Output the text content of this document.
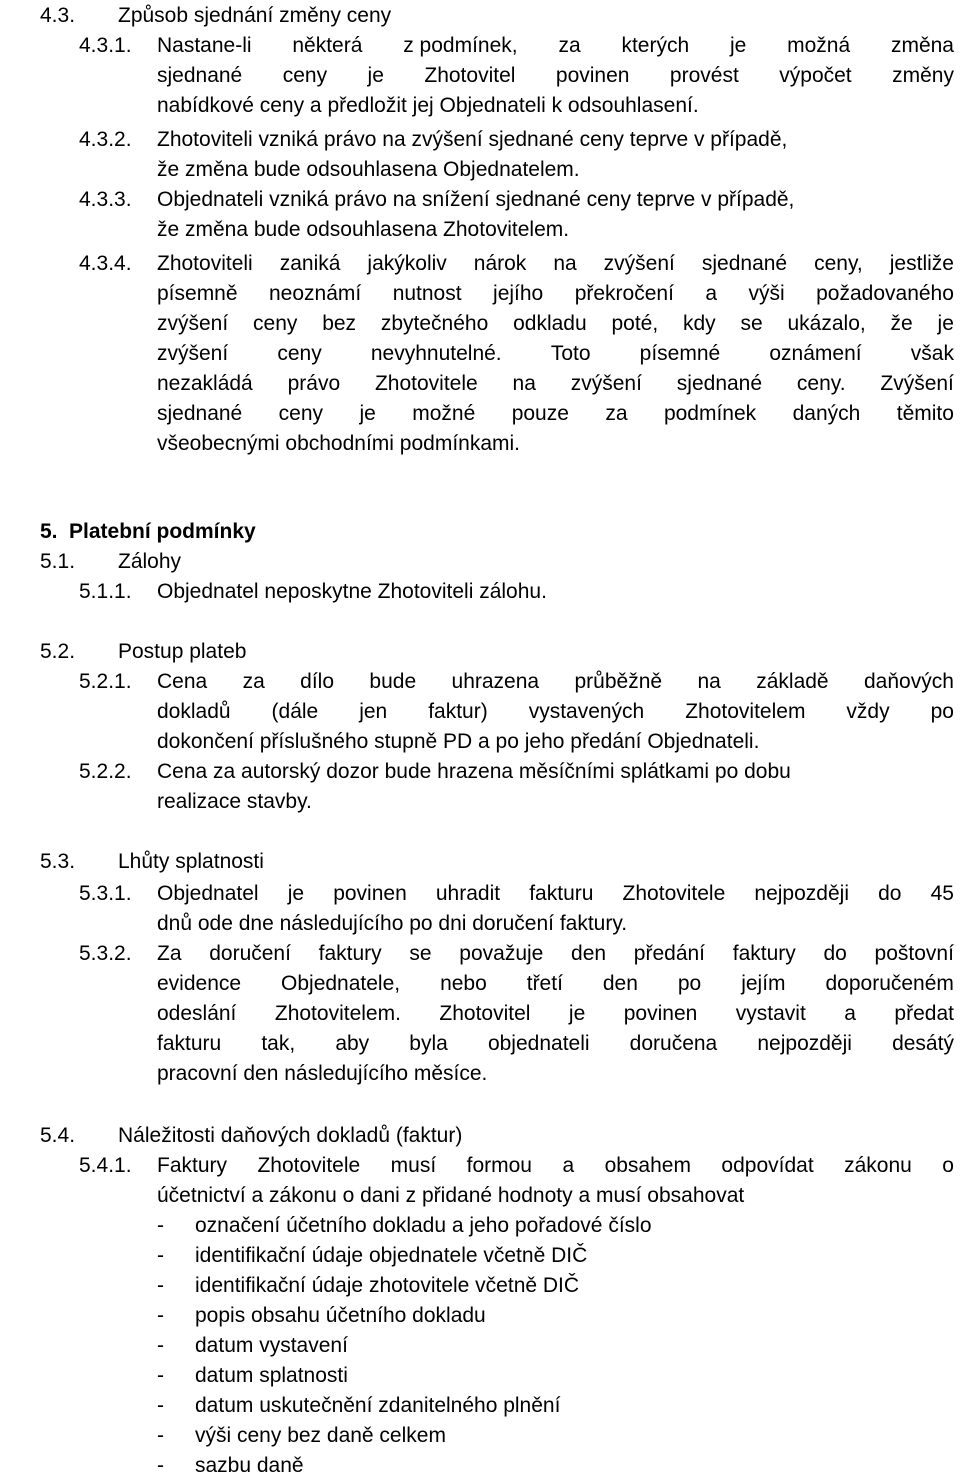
4.3. Způsob sjednání změny ceny
4.3.1. Nastane-li některá z podmínek, za kterých je možná změna
sjednané ceny je Zhotovitel povinen provést výpočet změny
nabídkové ceny a předložit jej Objednateli k odsouhlasení.
4.3.2. Zhotoviteli vzniká právo na zvýšení sjednané ceny teprve v případě,
že změna bude odsouhlasena Objednatelem.
4.3.3. Objednateli vzniká právo na snížení sjednané ceny teprve v případě,
že změna bude odsouhlasena Zhotovitelem.
4.3.4. Zhotoviteli zaniká jakýkoliv nárok na zvýšení sjednané ceny, jestliže
písemně neoznámí nutnost jejího překročení a výši požadovaného
zvýšení ceny bez zbytečného odkladu poté, kdy se ukázalo, že je
zvýšení ceny nevyhnutelné. Toto písemné oznámení však
nezakládá právo Zhotovitele na zvýšení sjednané ceny. Zvýšení
sjednané ceny je možné pouze za podmínek daných těmito
všeobecnými obchodními podmínkami.
5. Platební podmínky
5.1. Zálohy
5.1.1. Objednatel neposkytne Zhotoviteli zálohu.
5.2. Postup plateb
5.2.1. Cena za dílo bude uhrazena průběžně na základě daňových
dokladů (dále jen faktur) vystavených Zhotovitelem vždy po
dokončení příslušného stupně PD a po jeho předání Objednateli.
5.2.2. Cena za autorský dozor bude hrazena měsíčními splátkami po dobu
realizace stavby.
5.3. Lhůty splatnosti
5.3.1. Objednatel je povinen uhradit fakturu Zhotovitele nejpozději do 45
dnů ode dne následujícího po dni doručení faktury.
5.3.2. Za doručení faktury se považuje den předání faktury do poštovní
evidence Objednatele, nebo třetí den po jejím doporučeném
odeslání Zhotovitelem. Zhotovitel je povinen vystavit a předat
fakturu tak, aby byla objednateli doručena nejpozději desátý
pracovní den následujícího měsíce.
5.4. Náležitosti daňových dokladů (faktur)
5.4.1. Faktury Zhotovitele musí formou a obsahem odpovídat zákonu o
účetnictví a zákonu o dani z přidané hodnoty a musí obsahovat
- označení účetního dokladu a jeho pořadové číslo
- identifikační údaje objednatele včetně DIČ
- identifikační údaje zhotovitele včetně DIČ
- popis obsahu účetního dokladu
- datum vystavení
- datum splatnosti
- datum uskutečnění zdanitelného plnění
- výši ceny bez daně celkem
- sazbu daně
